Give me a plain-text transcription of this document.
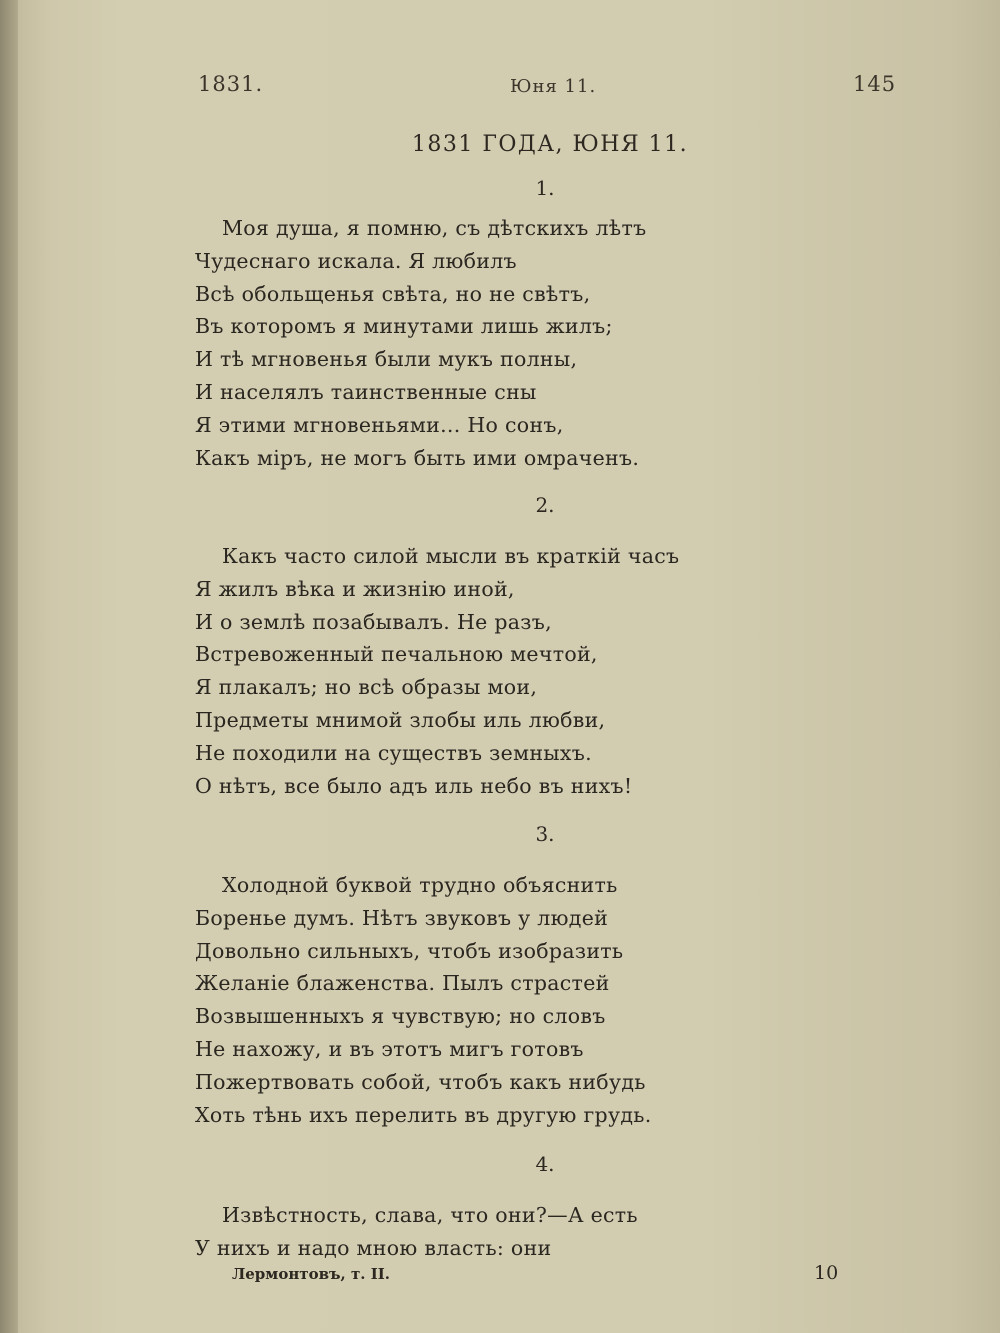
1831.	Юня 11.	145
1831 ГОДА, ЮНЯ 11.
1.
Моя душа, я помню, съ дѣтскихъ лѣтъ
Чудеснаго искала. Я любилъ
Всѣ обольщенья свѣта, но не свѣтъ,
Въ которомъ я минутами лишь жилъ;
И тѣ мгновенья были мукъ полны,
И населялъ таинственные сны
Я этими мгновеньями... Но сонъ,
Какъ міръ, не могъ быть ими омраченъ.
2.
Какъ часто силой мысли въ краткій часъ
Я жилъ вѣка и жизнію иной,
И о землѣ позабывалъ. Не разъ,
Встревоженный печальною мечтой,
Я плакалъ; но всѣ образы мои,
Предметы мнимой злобы иль любви,
Не походили на существъ земныхъ.
О нѣтъ, все было адъ иль небо въ нихъ!
3.
Холодной буквой трудно объяснить
Боренье думъ. Нѣтъ звуковъ у людей
Довольно сильныхъ, чтобъ изобразить
Желаніе блаженства. Пылъ страстей
Возвышенныхъ я чувствую; но словъ
Не нахожу, и въ этотъ мигъ готовъ
Пожертвовать собой, чтобъ какъ нибудь
Хоть тѣнь ихъ перелить въ другую грудь.
4.
Извѣстность, слава, что они?—А есть
У нихъ и надо мною власть: они
Лермонтовъ, т. II.	10
